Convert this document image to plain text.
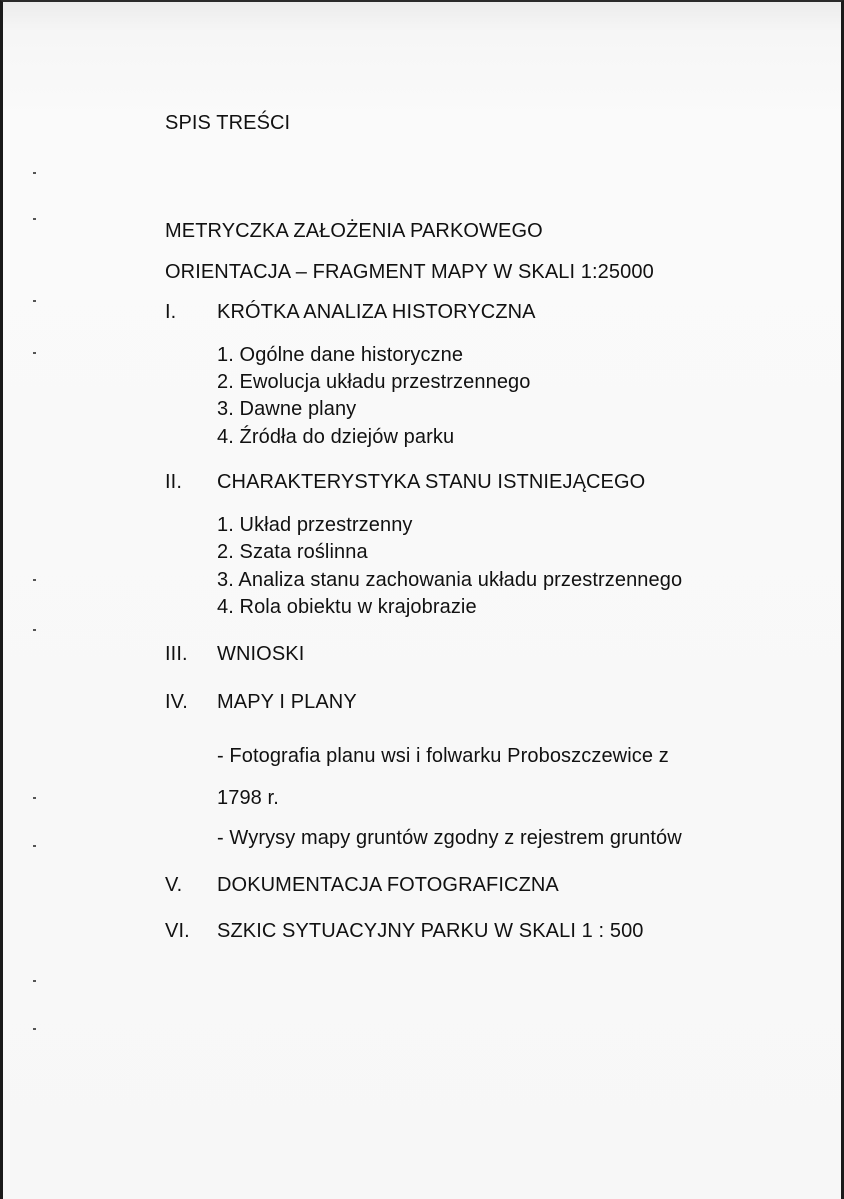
SPIS TREŚCI
METRYCZKA ZAŁOŻENIA PARKOWEGO
ORIENTACJA – FRAGMENT MAPY W SKALI 1:25000
I. KRÓTKA ANALIZA HISTORYCZNA
1. Ogólne dane historyczne
2. Ewolucja układu przestrzennego
3. Dawne plany
4. Źródła do dziejów parku
II. CHARAKTERYSTYKA STANU ISTNIEJĄCEGO
1. Układ przestrzenny
2. Szata roślinna
3. Analiza stanu zachowania układu przestrzennego
4. Rola obiektu w krajobrazie
III. WNIOSKI
IV. MAPY I PLANY
- Fotografia planu wsi i folwarku Proboszczewice z
1798 r.
- Wyrysy mapy gruntów zgodny z rejestrem gruntów
V. DOKUMENTACJA FOTOGRAFICZNA
VI. SZKIC SYTUACYJNY PARKU W SKALI 1 : 500
